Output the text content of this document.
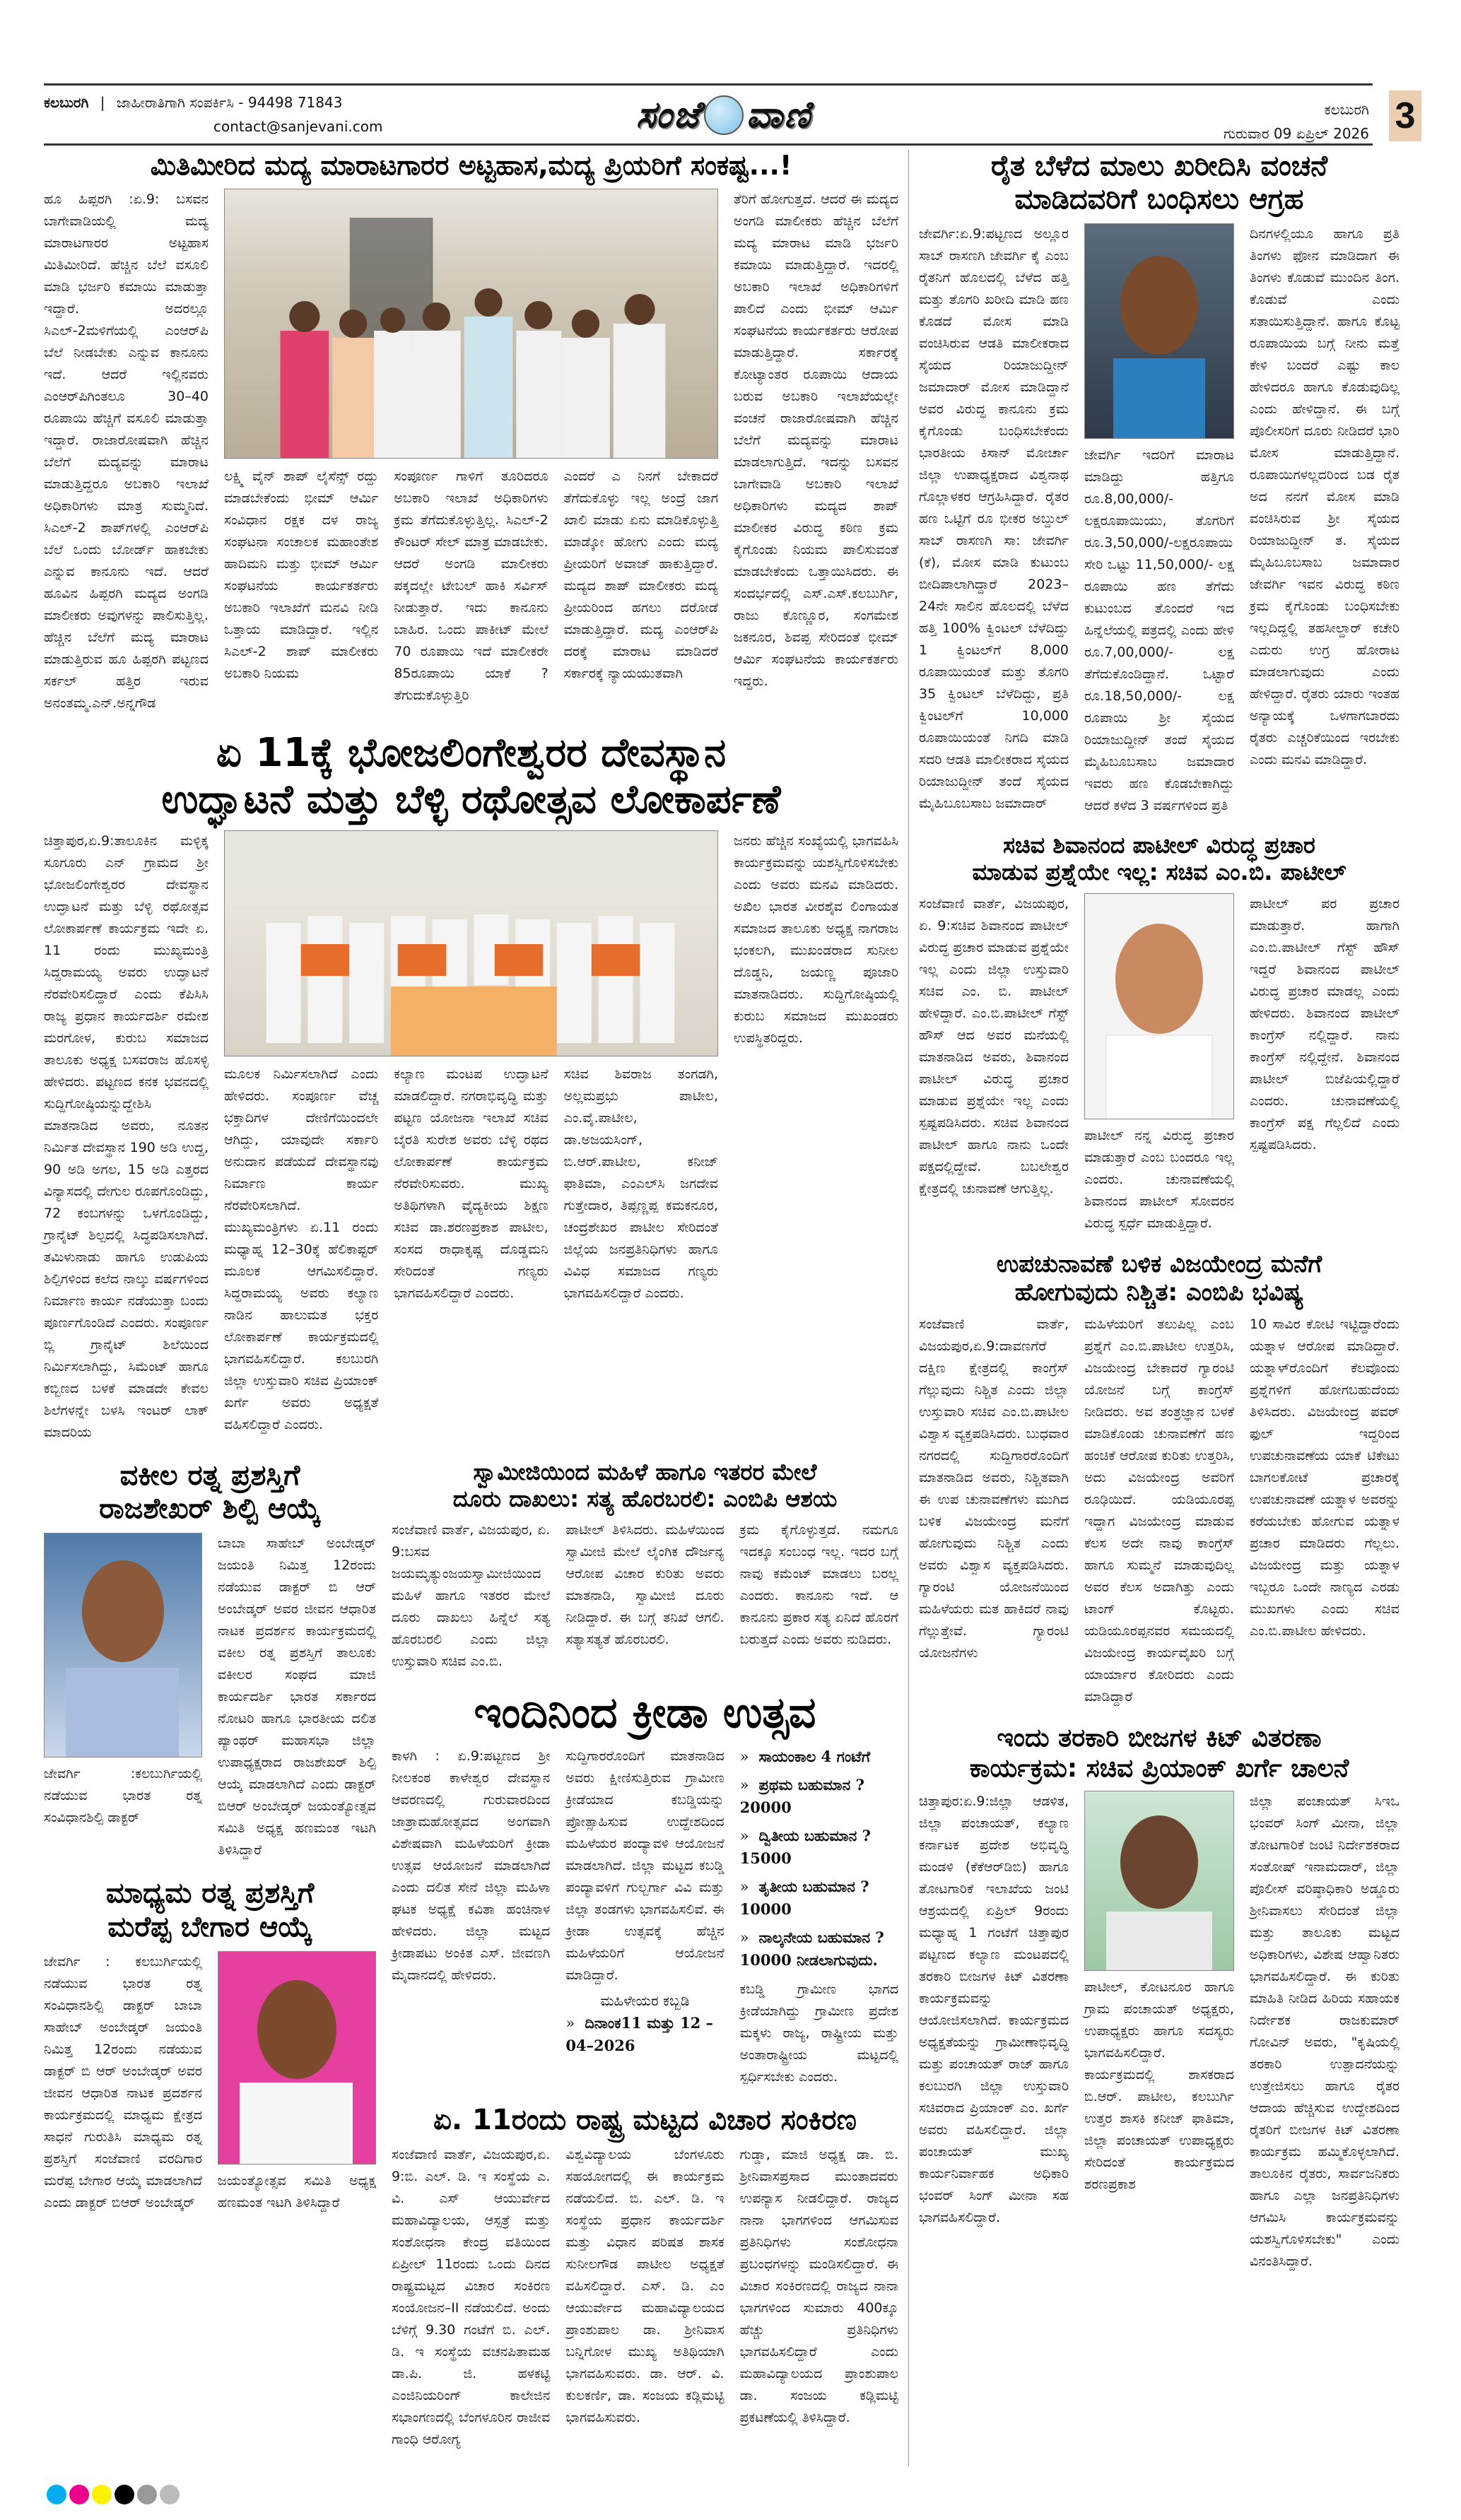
ಕಲಬುರಗಿ | ಜಾಹೀರಾತಿಗಾಗಿ ಸಂಪರ್ಕಿಸಿ - 94498 71843
contact@sanjevani.com	ಸಂಜೆ ವಾಣಿ	ಕಲಬುರಗಿ
ಗುರುವಾರ 09 ಏಪ್ರಿಲ್ 2026 3
ಮಿತಿಮೀರಿದ ಮದ್ಯ ಮಾರಾಟಗಾರರ ಅಟ್ಟಹಾಸ,ಮದ್ಯ ಪ್ರಿಯರಿಗೆ ಸಂಕಷ್ಟ...!
ಹೂ ಹಿಪ್ಪರಗಿ :ಏ.9: ಬಸವನ ಬಾಗೇವಾಡಿಯಲ್ಲಿ ಮದ್ಯ ಮಾರಾಟಗಾರರ ಅಟ್ಟಹಾಸ ಮಿತಿಮೀರಿದೆ. ಹೆಚ್ಚಿನ ಬೆಲೆ ವಸೂಲಿ ಮಾಡಿ ಭರ್ಜರಿ ಕಮಾಯಿ ಮಾಡುತ್ತಾ ಇದ್ದಾರೆ. ಅದರಲ್ಲೂ ಸಿಎಲ್-2ಮಳಿಗೆಯಲ್ಲಿ ಎಂಆರ್‌ಪಿ ಬೆಲೆ ನೀಡಬೇಕು ಎನ್ನುವ ಕಾನೂನು ಇದೆ. ಆದರೆ ಇಲ್ಲಿನವರು ಎಂಆರ್‌ಪಿಗಿಂತಲೂ 30–40 ರೂಪಾಯಿ ಹೆಚ್ಚಿಗೆ ವಸೂಲಿ ಮಾಡುತ್ತಾ ಇದ್ದಾರೆ. ರಾಜಾರೋಷವಾಗಿ ಹೆಚ್ಚಿನ ಬೆಲೆಗೆ ಮದ್ಯವನ್ನು ಮಾರಾಟ ಮಾಡುತ್ತಿದ್ದರೂ ಅಬಕಾರಿ ಇಲಾಖೆ ಅಧಿಕಾರಿಗಳು ಮಾತ್ರ ಸುಮ್ಮನಿದೆ. ಸಿಎಲ್-2 ಶಾಪ್‌ಗಳಲ್ಲಿ ಎಂಆರ್‌ಪಿ ಬೆಲೆ ಒಂದು ಬೋರ್ಡ್ ಹಾಕಬೇಕು ಎನ್ನುವ ಕಾನೂನು ಇದೆ. ಆದರೆ ಹೂವಿನ ಹಿಪ್ಪರಗಿ ಮದ್ಯದ ಅಂಗಡಿ ಮಾಲೀಕರು ಅವುಗಳನ್ನು ಪಾಲಿಸುತ್ತಿಲ್ಲ. ಹೆಚ್ಚಿನ ಬೆಲೆಗೆ ಮದ್ಯ ಮಾರಾಟ ಮಾಡುತ್ತಿರುವ ಹೂ ಹಿಪ್ಪರಗಿ ಪಟ್ಟಣದ ಸರ್ಕಲ್ ಹತ್ತಿರ ಇರುವ ಅನಂತಮ್ಮ.ಎನ್.ಅನ್ನಗೌಡ
ಲಕ್ಷ್ಮಿ ವೈನ್ ಶಾಪ್ ಲೈಸೆನ್ಸ್ ರದ್ದು ಮಾಡಬೇಕೆಂದು ಭೀಮ್ ಆರ್ಮಿ ಸಂವಿಧಾನ ರಕ್ಷಕ ದಳ ರಾಜ್ಯ ಸಂಘಟನಾ ಸಂಚಾಲಕ ಮಹಾಂತೇಶ ಹಾದಿಮನಿ ಮತ್ತು ಭೀಮ್ ಆರ್ಮಿ ಸಂಘಟನೆಯ ಕಾರ್ಯಕರ್ತರು ಅಬಕಾರಿ ಇಲಾಖೆಗೆ ಮನವಿ ನೀಡಿ ಒತ್ತಾಯ ಮಾಡಿದ್ದಾರೆ. ಇಲ್ಲಿನ ಸಿಎಲ್-2 ಶಾಪ್ ಮಾಲೀಕರು ಅಬಕಾರಿ ನಿಯಮ
ಸಂಪೂರ್ಣ ಗಾಳಿಗೆ ತೂರಿದರೂ ಅಬಕಾರಿ ಇಲಾಖೆ ಅಧಿಕಾರಿಗಳು ಕ್ರಮ ತೆಗೆದುಕೊಳ್ಳುತ್ತಿಲ್ಲ. ಸಿಎಲ್-2 ಕೌಂಟರ್ ಸೇಲ್ ಮಾತ್ರ ಮಾಡಬೇಕು. ಆದರೆ ಅಂಗಡಿ ಮಾಲೀಕರು ಪಕ್ಕದಲ್ಲೇ ಟೇಬಲ್ ಹಾಕಿ ಸರ್ವಿಸ್ ನೀಡುತ್ತಾರೆ. ಇದು ಕಾನೂನು ಬಾಹಿರ. ಒಂದು ಪಾಕೀಟ್ ಮೇಲೆ 70 ರೂಪಾಯಿ ಇದೆ ಮಾಲೀಕರೇ 85ರೂಪಾಯಿ ಯಾಕೆ ? ತೆಗುದುಕೊಳ್ಳುತ್ತಿರಿ
ಎಂದರೆ ಎ ನಿನಗೆ ಬೇಕಾದರೆ ತೆಗೆದುಕೊಳ್ಳು ಇಲ್ಲ ಅಂದ್ರೆ ಜಾಗ ಖಾಲಿ ಮಾಡು ಏನು ಮಾಡಿಕೊಳ್ಳುತ್ತಿ ಮಾಡ್ಕೋ ಹೋಗು ಎಂದು ಮದ್ಯ ಪ್ರೀಯರಿಗೆ ಅವಾಜ್ ಹಾಕುತ್ತಿದ್ದಾರೆ. ಮದ್ಯದ ಶಾಪ್ ಮಾಲೀಕರು ಮದ್ಯ ಪ್ರೀಯರಿಂದ ಹಗಲು ದರೋಡೆ ಮಾಡುತ್ತಿದ್ದಾರೆ. ಮದ್ಯ ಎಂಆರ್‌ಪಿ ದರಕ್ಕೆ ಮಾರಾಟ ಮಾಡಿದರೆ ಸರ್ಕಾರಕ್ಕೆ ನ್ಯಾಯಯುತವಾಗಿ
ತೆರಿಗೆ ಹೋಗುತ್ತದೆ. ಆದರೆ ಈ ಮದ್ಯದ ಅಂಗಡಿ ಮಾಲೀಕರು ಹೆಚ್ಚಿನ ಬೆಲೆಗೆ ಮದ್ಯ ಮಾರಾಟ ಮಾಡಿ ಭರ್ಜರಿ ಕಮಾಯಿ ಮಾಡುತ್ತಿದ್ದಾರೆ. ಇದರಲ್ಲಿ ಅಬಕಾರಿ ಇಲಾಖೆ ಅಧಿಕಾರಿಗಳಿಗೆ ಪಾಲಿದೆ ಎಂದು ಭೀಮ್ ಆರ್ಮಿ ಸಂಘಟನೆಯ ಕಾರ್ಯಕರ್ತರು ಆರೋಪ ಮಾಡುತ್ತಿದ್ದಾರೆ. ಸರ್ಕಾರಕ್ಕೆ ಕೋಟ್ಯಾಂತರ ರೂಪಾಯಿ ಆದಾಯ ಬರುವ ಅಬಕಾರಿ ಇಲಾಖೆಯಲ್ಲೇ ವಂಚನೆ ರಾಜಾರೋಷವಾಗಿ ಹೆಚ್ಚಿನ ಬೆಲೆಗೆ ಮದ್ಯವನ್ನು ಮಾರಾಟ ಮಾಡಲಾಗುತ್ತಿದೆ. ಇದನ್ನು ಬಸವನ ಬಾಗೇವಾಡಿ ಅಬಕಾರಿ ಇಲಾಖೆ ಅಧಿಕಾರಿಗಳು ಮದ್ಯದ ಶಾಪ್ ಮಾಲೀಕರ ವಿರುದ್ಧ ಕಠಿಣ ಕ್ರಮ ಕೈಗೊಂಡು ನಿಯಮ ಪಾಲಿಸುವಂತೆ ಮಾಡಬೇಕೆಂದು ಒತ್ತಾಯಿಸಿದರು. ಈ ಸಂದರ್ಭದಲ್ಲಿ ಎಸ್.ಎಸ್.ಕಲಬುರ್ಗಿ, ರಾಜು ಕೊಣ್ಣೂರ, ಸಂಗಮೇಶ ಜಕನೂರ, ಶಿವಪ್ಪ ಸೇರಿದಂತೆ ಭೀಮ್ ಆರ್ಮಿ ಸಂಘಟನೆಯ ಕಾರ್ಯಕರ್ತರು ಇದ್ದರು.
ಏ 11ಕ್ಕೆ ಭೋಜಲಿಂಗೇಶ್ವರರ ದೇವಸ್ಥಾನ
ಉದ್ಘಾಟನೆ ಮತ್ತು ಬೆಳ್ಳಿ ರಥೋತ್ಸವ ಲೋಕಾರ್ಪಣೆ
ಚಿತ್ತಾಪುರ,ಏ.9:ತಾಲೂಕಿನ ಮಳ್ಳಿಕ್ಕ ಸೂಗೂರು ಎನ್ ಗ್ರಾಮದ ಶ್ರೀ ಭೋಜಲಿಂಗೇಶ್ವರರ ದೇವಸ್ಥಾನ ಉದ್ಘಾಟನೆ ಮತ್ತು ಬೆಳ್ಳಿ ರಥೋತ್ಸವ ಲೋಕಾರ್ಪಣೆ ಕಾರ್ಯಕ್ರಮ ಇದೇ ಏ. 11 ರಂದು ಮುಖ್ಯಮಂತ್ರಿ ಸಿದ್ದರಾಮಯ್ಯ ಅವರು ಉದ್ಘಾಟನೆ ನೆರವೇರಿಸಲಿದ್ದಾರೆ ಎಂದು ಕೆಪಿಸಿಸಿ ರಾಜ್ಯ ಪ್ರಧಾನ ಕಾರ್ಯದರ್ಶಿ ರಮೇಶ ಮರಗೋಳ, ಕುರುಬ ಸಮಾಜದ ತಾಲೂಕು ಅಧ್ಯಕ್ಷ ಬಸವರಾಜ ಹೊಸಳ್ಳಿ ಹೇಳಿದರು. ಪಟ್ಟಣದ ಕನಕ ಭವನದಲ್ಲಿ ಸುದ್ದಿಗೋಷ್ಠಿಯನ್ನುದ್ದೇಶಿಸಿ ಮಾತನಾಡಿದ ಅವರು, ನೂತನ ನಿರ್ಮಿತ ದೇವಸ್ಥಾನ 190 ಅಡಿ ಉದ್ದ, 90 ಅಡಿ ಅಗಲ, 15 ಅಡಿ ಎತ್ತರದ ವಿನ್ಯಾಸದಲ್ಲಿ ದೇಗುಲ ರೂಪಗೊಂಡಿದ್ದು, 72 ಕಂಬಗಳನ್ನು ಒಳಗೊಂಡಿದ್ದು, ಗ್ರಾನೈಟ್ ಶಿಲ್ಪದಲ್ಲಿ ಸಿದ್ಧಪಡಿಸಲಾಗಿದೆ. ತಮಿಳುನಾಡು ಹಾಗೂ ಉಡುಪಿಯ ಶಿಲ್ಪಿಗಳಿಂದ ಕಲೆದ ನಾಲ್ಕು ವರ್ಷಗಳಿಂದ ನಿರ್ಮಾಣ ಕಾರ್ಯ ನಡೆಯುತ್ತಾ ಬಂದು ಪೂರ್ಣಗೊಂಡಿದೆ ಎಂದರು. ಸಂಪೂರ್ಣ ಬ್ಲಿ ಗ್ರಾನೈಟ್ ಶಿಲೆಯಿಂದ ನಿರ್ಮಿಸಲಾಗಿದ್ದು, ಸಿಮೆಂಟ್ ಹಾಗೂ ಕಬ್ಬಿಣದ ಬಳಕೆ ಮಾಡದೇ ಕೇವಲ ಶಿಲೆಗಳನ್ನೇ ಬಳಸಿ ಇಂಟರ್ ಲಾಕ್ ಮಾದರಿಯ
ಮೂಲಕ ನಿರ್ಮಿಸಲಾಗಿದೆ ಎಂದು ಹೇಳಿದರು. ಸಂಪೂರ್ಣ ವೆಚ್ಚ ಭಕ್ತಾದಿಗಳ ದೇಣಿಗೆಯಿಂದಲೇ ಆಗಿದ್ದು, ಯಾವುದೇ ಸರ್ಕಾರಿ ಅನುದಾನ ಪಡೆಯದೆ ದೇವಸ್ಥಾನವು ನಿರ್ಮಾಣ ಕಾರ್ಯ ನೆರವೇರಿಸಲಾಗಿದೆ. ಮುಖ್ಯಮಂತ್ರಿಗಳು ಏ.11 ರಂದು ಮಧ್ಯಾಹ್ನ 12–30ಕ್ಕೆ ಹೆಲಿಕಾಪ್ಟರ್ ಮೂಲಕ ಆಗಮಿಸಲಿದ್ದಾರೆ. ಸಿದ್ದರಾಮಯ್ಯ ಅವರು ಕಲ್ಯಾಣ ನಾಡಿನ ಹಾಲುಮತ ಭಕ್ತರ ಲೋಕಾರ್ಪಣೆ ಕಾರ್ಯಕ್ರಮದಲ್ಲಿ ಭಾಗವಹಿಸಲಿದ್ದಾರೆ. ಕಲಬುರಗಿ ಜಿಲ್ಲಾ ಉಸ್ತುವಾರಿ ಸಚಿವ ಪ್ರಿಯಾಂಕ್ ಖರ್ಗೆ ಅವರು ಅಧ್ಯಕ್ಷತೆ ವಹಿಸಲಿದ್ದಾರೆ ಎಂದರು.
ಕಲ್ಯಾಣ ಮಂಟಪ ಉದ್ಘಾಟನೆ ಮಾಡಲಿದ್ದಾರೆ. ನಗರಾಭಿವೃದ್ಧಿ ಮತ್ತು ಪಟ್ಟಣ ಯೋಜನಾ ಇಲಾಖೆ ಸಚಿವ ಬೈರತಿ ಸುರೇಶ ಅವರು ಬೆಳ್ಳಿ ರಥದ ಲೋಕಾರ್ಪಣೆ ಕಾರ್ಯಕ್ರಮ ನೆರವೇರಿಸುವರು. ಮುಖ್ಯ ಅತಿಥಿಗಳಾಗಿ ವೈದ್ಯಕೀಯ ಶಿಕ್ಷಣ ಸಚಿವ ಡಾ.ಶರಣಪ್ರಕಾಶ ಪಾಟೀಲ, ಸಂಸದ ರಾಧಾಕೃಷ್ಣ ದೊಡ್ಡಮನಿ ಸೇರಿದಂತೆ ಗಣ್ಯರು ಭಾಗವಹಿಸಲಿದ್ದಾರೆ ಎಂದರು.
ಸಚಿವ ಶಿವರಾಜ ತಂಗಡಗಿ, ಅಲ್ಲಮಪ್ರಭು ಪಾಟೀಲ, ಎಂ.ವೈ.ಪಾಟೀಲ, ಡಾ.ಅಜಯಸಿಂಗ್, ಬಿ.ಆರ್.ಪಾಟೀಲ, ಕನೀಜ್ ಫಾತಿಮಾ, ಎಂಎಲ್‌ಸಿ ಜಗದೇವ ಗುತ್ತೇದಾರ, ತಿಪ್ಪಣ್ಣಪ್ಪ ಕಮಕನೂರ, ಚಂದ್ರಶೇಖರ ಪಾಟೀಲ ಸೇರಿದಂತೆ ಜಿಲ್ಲೆಯ ಜನಪ್ರತಿನಿಧಿಗಳು ಹಾಗೂ ವಿವಿಧ ಸಮಾಜದ ಗಣ್ಯರು ಭಾಗವಹಿಸಲಿದ್ದಾರೆ ಎಂದರು.
ಜನರು ಹೆಚ್ಚಿನ ಸಂಖ್ಯೆಯಲ್ಲಿ ಭಾಗವಹಿಸಿ ಕಾರ್ಯಕ್ರಮವನ್ನು ಯಶಸ್ವಿಗೊಳಿಸಬೇಕು ಎಂದು ಅವರು ಮನವಿ ಮಾಡಿದರು. ಅಖಿಲ ಭಾರತ ವೀರಶೈವ ಲಿಂಗಾಯತ ಸಮಾಜದ ತಾಲೂಕು ಅಧ್ಯಕ್ಷ ನಾಗರಾಜ ಭಂಕಲಗಿ, ಮುಖಂಡರಾದ ಸುನೀಲ ದೊಡ್ಡನಿ, ಜಯಣ್ಣ ಪೂಜಾರಿ ಮಾತನಾಡಿದರು. ಸುದ್ದಿಗೋಷ್ಠಿಯಲ್ಲಿ ಕುರುಬ ಸಮಾಜದ ಮುಖಂಡರು ಉಪಸ್ಥಿತರಿದ್ದರು.
ವಕೀಲ ರತ್ನ ಪ್ರಶಸ್ತಿಗೆ
ರಾಜಶೇಖರ್ ಶಿಲ್ಪಿ ಆಯ್ಕೆ
ಜೇವರ್ಗಿ :ಕಲಬುರ್ಗಿಯಲ್ಲಿ ನಡೆಯುವ ಭಾರತ ರತ್ನ ಸಂವಿಧಾನಶಿಲ್ಪಿ ಡಾಕ್ಟರ್
ಬಾಬಾ ಸಾಹೇಬ್ ಅಂಬೇಡ್ಕರ್ ಜಯಂತಿ ನಿಮಿತ್ತ 12ರಂದು ನಡೆಯುವ ಡಾಕ್ಟರ್ ಬಿ ಆರ್ ಅಂಬೇಡ್ಕರ್ ಅವರ ಜೀವನ ಆಧಾರಿತ ನಾಟಕ ಪ್ರದರ್ಶನ ಕಾರ್ಯಕ್ರಮದಲ್ಲಿ ವಕೀಲ ರತ್ನ ಪ್ರಶಸ್ತಿಗೆ ತಾಲೂಕು ವಕೀಲರ ಸಂಘದ ಮಾಜಿ ಕಾರ್ಯದರ್ಶಿ ಭಾರತ ಸರ್ಕಾರದ ನೋಟರಿ ಹಾಗೂ ಭಾರತೀಯ ದಲಿತ ಪ್ಯಾಂಥರ್ ಮಹಾಸಭಾ ಜಿಲ್ಲಾ ಉಪಾಧ್ಯಕ್ಷರಾದ ರಾಜಶೇಖರ್ ಶಿಲ್ಪಿ ಆಯ್ಕೆ ಮಾಡಲಾಗಿದೆ ಎಂದು ಡಾಕ್ಟರ್ ಬಿಆರ್ ಅಂಬೇಡ್ಕರ್ ಜಯಂತ್ಯೋತ್ಸವ ಸಮಿತಿ ಅಧ್ಯಕ್ಷ ಹಣಮಂತ ಇಟಗಿ ತಿಳಿಸಿದ್ದಾರೆ
ಮಾಧ್ಯಮ ರತ್ನ ಪ್ರಶಸ್ತಿಗೆ
ಮರೆಪ್ಪ ಬೇಗಾರ ಆಯ್ಕೆ
ಜೇವರ್ಗಿ : ಕಲಬುರ್ಗಿಯಲ್ಲಿ ನಡೆಯುವ ಭಾರತ ರತ್ನ ಸಂವಿಧಾನಶಿಲ್ಪಿ ಡಾಕ್ಟರ್ ಬಾಬಾ ಸಾಹೇಬ್ ಅಂಬೇಡ್ಕರ್ ಜಯಂತಿ ನಿಮಿತ್ತ 12ರಂದು ನಡೆಯುವ ಡಾಕ್ಟರ್ ಬಿ ಆರ್ ಅಂಬೇಡ್ಕರ್ ಅವರ ಜೀವನ ಆಧಾರಿತ ನಾಟಕ ಪ್ರದರ್ಶನ ಕಾರ್ಯಕ್ರಮದಲ್ಲಿ ಮಾಧ್ಯಮ ಕ್ಷೇತ್ರದ ಸಾಧನೆ ಗುರುತಿಸಿ ಮಾಧ್ಯಮ ರತ್ನ ಪ್ರಶಸ್ತಿಗೆ ಸಂಜೆವಾಣಿ ವರದಿಗಾರ ಮರೆಪ್ಪ ಬೇಗಾರ ಆಯ್ಕೆ ಮಾಡಲಾಗಿದೆ ಎಂದು ಡಾಕ್ಟರ್ ಬಿಆರ್ ಅಂಬೇಡ್ಕರ್
ಜಯಂತ್ಯೋತ್ಸವ ಸಮಿತಿ ಅಧ್ಯಕ್ಷ ಹಣಮಂತ ಇಟಗಿ ತಿಳಿಸಿದ್ದಾರೆ
ಸ್ವಾಮೀಜಿಯಿಂದ ಮಹಿಳೆ ಹಾಗೂ ಇತರರ ಮೇಲೆ
ದೂರು ದಾಖಲು: ಸತ್ಯ ಹೊರಬರಲಿ: ಎಂಬಿಪಿ ಆಶಯ
ಸಂಜೆವಾಣಿ ವಾರ್ತೆ, ವಿಜಯಪುರ, ಏ. 9:ಬಸವ ಜಯಮೃತ್ಯುಂಜಯಸ್ವಾಮೀಜಿಯಿಂದ ಮಹಿಳೆ ಹಾಗೂ ಇತರರ ಮೇಲೆ ದೂರು ದಾಖಲು ಹಿನ್ನೆಲೆ ಸತ್ಯ ಹೊರಬರಲಿ ಎಂದು ಜಿಲ್ಲಾ ಉಸ್ತುವಾರಿ ಸಚಿವ ಎಂ.ಬಿ.
ಪಾಟೀಲ್ ತಿಳಿಸಿದರು. ಮಹಿಳೆಯಿಂದ ಸ್ವಾಮೀಜಿ ಮೇಲೆ ಲೈಂಗಿಕ ದೌರ್ಜನ್ಯ ಆರೋಪ ವಿಚಾರ ಕುರಿತು ಅವರು ಮಾತನಾಡಿ, ಸ್ವಾಮೀಜಿ ದೂರು ನೀಡಿದ್ದಾರೆ. ಈ ಬಗ್ಗೆ ತನಿಖೆ ಆಗಲಿ. ಸತ್ಯಾಸತ್ಯತೆ ಹೊರಬರಲಿ.
ಕ್ರಮ ಕೈಗೊಳ್ಳುತ್ತದೆ. ನಮಗೂ ಇದಕ್ಕೂ ಸಂಬಂಧ ಇಲ್ಲ. ಇದರ ಬಗ್ಗೆ ನಾವು ಕಮೆಂಟ್ ಮಾಡಲು ಬರಲ್ಲ ಎಂದರು. ಕಾನೂನು ಇದೆ. ಆ ಕಾನೂನು ಪ್ರಕಾರ ಸತ್ಯ ಏನಿದೆ ಹೊರಗೆ ಬರುತ್ತದೆ ಎಂದು ಅವರು ನುಡಿದರು.
ಇಂದಿನಿಂದ ಕ್ರೀಡಾ ಉತ್ಸವ
ಕಾಳಗಿ : ಏ.9:ಪಟ್ಟಣದ ಶ್ರೀ ನೀಲಕಂಠ ಕಾಳೇಶ್ವರ ದೇವಸ್ಥಾನ ಆವರಣದಲ್ಲಿ ಗುರುವಾರದಿಂದ ಜಾತ್ರಾಮಹೋತ್ಸವದ ಅಂಗವಾಗಿ ವಿಶೇಷವಾಗಿ ಮಹಿಳೆಯರಿಗೆ ಕ್ರೀಡಾ ಉತ್ಸವ ಆಯೋಜನೆ ಮಾಡಲಾಗಿದೆ ಎಂದು ದಲಿತ ಸೇನೆ ಜಿಲ್ಲಾ ಮಹಿಳಾ ಘಟಕ ಅಧ್ಯಕ್ಷೆ ಕವಿತಾ ಹಂಚಿನಾಳ ಹೇಳಿದರು. ಜಿಲ್ಲಾ ಮಟ್ಟದ ಕ್ರೀಡಾಪಟು ಅಂಕಿತ ಎಸ್. ಜೀವಣಗಿ ಮೈದಾನದಲ್ಲಿ ಹೇಳಿದರು.
ಸುದ್ದಿಗಾರರೊಂದಿಗೆ ಮಾತನಾಡಿದ ಅವರು ಕ್ಷೀಣಿಸುತ್ತಿರುವ ಗ್ರಾಮೀಣ ಕ್ರೀಡೆಯಾದ ಕಬಡ್ಡಿಯನ್ನು ಪ್ರೋತ್ಸಾಹಿಸುವ ಉದ್ದೇಶದಿಂದ ಮಹಿಳೆಯರ ಪಂದ್ಯಾವಳಿ ಆಯೋಜನೆ ಮಾಡಲಾಗಿದೆ. ಜಿಲ್ಲಾ ಮಟ್ಟದ ಕಬಡ್ಡಿ ಪಂದ್ಯಾವಳಿಗೆ ಗುಲ್ಬರ್ಗಾ ವಿವಿ ಮತ್ತು ಜಿಲ್ಲಾ ತಂಡಗಳು ಭಾಗವಹಿಸಲಿವೆ. ಈ ಕ್ರೀಡಾ ಉತ್ಸವಕ್ಕೆ ಹೆಚ್ಚಿನ ಮಹಿಳೆಯರಿಗೆ ಆಯೋಜನೆ ಮಾಡಿದ್ದಾರೆ.
ಮಹಿಳೇಯರ ಕಬ್ಬಡಿ
» ದಿನಾಂಕ11 ಮತ್ತು 12 –04–2026
» ಸಾಯಂಕಾಲ 4 ಗಂಟೆಗೆ
» ಪ್ರಥಮ ಬಹುಮಾನ ? 20000
» ದ್ವಿತೀಯ ಬಹುಮಾನ ? 15000
» ತೃತೀಯ ಬಹುಮಾನ ? 10000
» ನಾಲ್ಕನೇಯ ಬಹುಮಾನ ?10000 ನೀಡಲಾಗುವುದು.
ಕಬಡ್ಡಿ ಗ್ರಾಮೀಣ ಭಾಗದ ಕ್ರೀಡೆಯಾಗಿದ್ದು ಗ್ರಾಮೀಣ ಪ್ರದೇಶ ಮಕ್ಕಳು ರಾಜ್ಯ, ರಾಷ್ಟ್ರೀಯ ಮತ್ತು ಅಂತಾರಾಷ್ಟ್ರೀಯ ಮಟ್ಟದಲ್ಲಿ ಸ್ಪರ್ಧಿಸಬೇಕು ಎಂದರು.
ಏ. 11ರಂದು ರಾಷ್ಟ್ರ ಮಟ್ಟದ ವಿಚಾರ ಸಂಕಿರಣ
ಸಂಜೆವಾಣಿ ವಾರ್ತೆ, ವಿಜಯಪುರ,ಏ. 9:ಬಿ. ಎಲ್. ಡಿ. ಇ ಸಂಸ್ಥೆಯ ಎ. ವಿ. ಎಸ್ ಆಯುರ್ವೇದ ಮಹಾವಿದ್ಯಾಲಯ, ಆಸ್ಪತ್ರೆ ಮತ್ತು ಸಂಶೋಧನಾ ಕೇಂದ್ರ ವತಿಯಿಂದ ಏಪ್ರೀಲ್ 11ರಂದು ಒಂದು ದಿನದ ರಾಷ್ಟ್ರಮಟ್ಟದ ವಿಚಾರ ಸಂಕಿರಣ ಸಂಯೋಜನ–II ನಡೆಯಲಿದೆ. ಅಂದು ಬೆಳಿಗ್ಗೆ 9.30 ಗಂಟೆಗೆ ಬಿ. ಎಲ್. ಡಿ. ಇ ಸಂಸ್ಥೆಯ ವಚನಪಿತಾಮಹ ಡಾ.ಪಿ. ಜಿ. ಹಳಕಟ್ಟಿ ಎಂಜಿನಿಯರಿಂಗ್ ಕಾಲೇಜಿನ ಸಭಾಂಗಣದಲ್ಲಿ ಬೆಂಗಳೂರಿನ ರಾಜೀವ ಗಾಂಧಿ ಆರೋಗ್ಯ
ವಿಶ್ವವಿದ್ಯಾಲಯ ಬೆಂಗಳೂರು ಸಹಯೋಗದಲ್ಲಿ ಈ ಕಾರ್ಯಕ್ರಮ ನಡೆಯಲಿದೆ. ಬಿ. ಎಲ್. ಡಿ. ಇ ಸಂಸ್ಥೆಯ ಪ್ರಧಾನ ಕಾರ್ಯದರ್ಶಿ ಮತ್ತು ವಿಧಾನ ಪರಿಷತ ಶಾಸಕ ಸುನೀಲಗೌಡ ಪಾಟೀಲ ಅಧ್ಯಕ್ಷತೆ ವಹಿಸಲಿದ್ದಾರೆ. ಎಸ್. ಡಿ. ಎಂ ಆಯುರ್ವೇದ ಮಹಾವಿದ್ಯಾಲಯದ ಪ್ರಾಂಶುಪಾಲ ಡಾ. ಶ್ರೀನಿವಾಸ ಬನ್ನಿಗೋಳ ಮುಖ್ಯ ಅತಿಥಿಯಾಗಿ ಭಾಗವಹಿಸುವರು. ಡಾ. ಆರ್. ವಿ. ಕುಲಕರ್ಣಿ, ಡಾ. ಸಂಜಯ ಕಡ್ಲಿಮಟ್ಟಿ ಭಾಗವಹಿಸುವರು.
ಗುಡ್ಡಾ, ಮಾಜಿ ಅಧ್ಯಕ್ಷ ಡಾ. ಬಿ. ಶ್ರೀನಿವಾಸಪ್ರಸಾದ ಮುಂತಾದವರು ಉಪನ್ಯಾಸ ನೀಡಲಿದ್ದಾರೆ. ರಾಜ್ಯದ ನಾನಾ ಭಾಗಗಳಿಂದ ಆಗಮಿಸುವ ಪ್ರತಿನಿಧಿಗಳು ಸಂಶೋಧನಾ ಪ್ರಬಂಧಗಳನ್ನು ಮಂಡಿಸಲಿದ್ದಾರೆ. ಈ ವಿಚಾರ ಸಂಕಿರಣದಲ್ಲಿ ರಾಜ್ಯದ ನಾನಾ ಭಾಗಗಳಿಂದ ಸುಮಾರು 400ಕ್ಕೂ ಹೆಚ್ಚು ಪ್ರತಿನಿಧಿಗಳು ಭಾಗವಹಿಸಲಿದ್ದಾರೆ ಎಂದು ಮಹಾವಿದ್ಯಾಲಯದ ಪ್ರಾಂಶುಪಾಲ ಡಾ. ಸಂಜಯ ಕಡ್ಲಿಮಟ್ಟಿ ಪ್ರಕಟಣೆಯಲ್ಲಿ ತಿಳಿಸಿದ್ದಾರೆ.
ರೈತ ಬೆಳೆದ ಮಾಲು ಖರೀದಿಸಿ ವಂಚನೆ
ಮಾಡಿದವರಿಗೆ ಬಂಧಿಸಲು ಆಗ್ರಹ
ಜೇವರ್ಗಿ:ಏ.9:ಪಟ್ಟಣದ ಅಲ್ಲೂರ ಸಾಬ್ ರಾಸಣಗಿ ಜೇವರ್ಗಿ ಕೈ ಎಂಬ ರೈತನಿಗೆ ಹೊಲದಲ್ಲಿ ಬೆಳೆದ ಹತ್ತಿ ಮತ್ತು ತೊಗರಿ ಖರೀದಿ ಮಾಡಿ ಹಣ ಕೊಡದೆ ಮೋಸ ಮಾಡಿ ವಂಚಿಸಿರುವ ಆಡತಿ ಮಾಲೀಕರಾದ ಸೈಯದ ರಿಯಾಜುದ್ದೀನ್ ಜಮಾದಾರ್ ಮೋಸ ಮಾಡಿದ್ದಾನೆ ಅವರ ವಿರುದ್ಧ ಕಾನೂನು ಕ್ರಮ ಕೈಗೊಂಡು ಬಂಧಿಸಬೇಕೆಂದು ಭಾರತೀಯ ಕಿಸಾನ್ ಮೋರ್ಚಾ ಜಿಲ್ಲಾ ಉಪಾಧ್ಯಕ್ಷರಾದ ವಿಶ್ವನಾಥ ಗೊಲ್ಲಾಳಕರ ಆಗ್ರಹಿಸಿದ್ದಾರೆ. ರೈತರ ಹಣ ಒಟ್ಟಿಗೆ ರೂ ಭೀಕರ ಅಬ್ದುಲ್ ಸಾಬ್ ರಾಸಣಗಿ ಸಾ: ಜೇವರ್ಗಿ (ಕೆ), ಮೋಸ ಮಾಡಿ ಕುಟುಂಬ ಬೀದಿಪಾಲಾಗಿದ್ದಾರೆ 2023–24ನೇ ಸಾಲಿನ ಹೊಲದಲ್ಲಿ ಬೆಳೆದ ಹತ್ತಿ 100% ಕ್ವಿಂಟಲ್ ಬೆಳೆದಿದ್ದು 1 ಕ್ವಿಂಟಲ್‌ಗೆ 8,000 ರೂಪಾಯಿಯಂತೆ ಮತ್ತು ತೊಗರಿ 35 ಕ್ವಿಂಟಲ್ ಬೆಳೆದಿದ್ದು, ಪ್ರತಿ ಕ್ವಿಂಟಲ್‌ಗೆ 10,000 ರೂಪಾಯಿಯಂತೆ ನಿಗದಿ ಮಾಡಿ ಸದರಿ ಆಡತಿ ಮಾಲೀಕರಾದ ಸೈಯದ ರಿಯಾಜುದ್ದೀನ್ ತಂದೆ ಸೈಯದ ಮೈಹಿಬೂಬಸಾಬ ಜಮಾದಾರ್
ಜೇವರ್ಗಿ ಇದರಿಗೆ ಮಾರಾಟ ಮಾಡಿದ್ದು ಹತ್ತಿಗೂ ರೂ.8,00,000/- ಲಕ್ಷರೂಪಾಯಿಯು, ತೊಗರಿಗೆ ರೂ.3,50,000/-ಲಕ್ಷರೂಪಾಯಿ ಸೇರಿ ಒಟ್ಟು 11,50,000/- ಲಕ್ಷ ರೂಪಾಯಿ ಹಣ ತೆಗೆದು ಕುಟುಂಬದ ತೊಂದರೆ ಇದ ಹಿನ್ನೆಲೆಯಲ್ಲಿ ಪತ್ರದಲ್ಲಿ ಎಂದು ಹೇಳಿ ರೂ.7,00,000/- ಲಕ್ಷ ತೆಗೆದುಕೊಂಡಿದ್ದಾನೆ. ಒಟ್ಟಾರೆ ರೂ.18,50,000/- ಲಕ್ಷ ರೂಪಾಯಿ ಶ್ರೀ ಸೈಯದ ರಿಯಾಜುದ್ದೀನ್ ತಂದೆ ಸೈಯದ ಮೈಹಿಬೂಬಸಾಬ ಜಮಾದಾರ ಇವರು ಹಣ ಕೊಡಬೇಕಾಗಿದ್ದು ಆದರೆ ಕಳೆದ 3 ವರ್ಷಗಳಿಂದ ಪ್ರತಿ
ದಿನಗಳಲ್ಲಿಯೂ ಹಾಗೂ ಪ್ರತಿ ತಿಂಗಳು ಫೋನ ಮಾಡಿದಾಗ ಈ ತಿಂಗಳು ಕೊಡುವೆ ಮುಂದಿನ ತಿಂಗ. ಕೊಡುವೆ ಎಂದು ಸತಾಯಿಸುತ್ತಿದ್ದಾನೆ. ಹಾಗೂ ಕೊಟ್ಟ ರೂಪಾಯಿಯ ಬಗ್ಗೆ ನೀನು ಮತ್ತೆ ಕೇಳಿ ಬಂದರೆ ಎಷ್ಟು ಕಾಲ ಹೇಳಿದರೂ ಹಾಗೂ ಕೊಡುವುದಿಲ್ಲ ಎಂದು ಹೇಳಿದ್ದಾನೆ. ಈ ಬಗ್ಗೆ ಪೊಲೀಸರಿಗೆ ದೂರು ನೀಡಿದರೆ ಭಾರಿ ಮೋಸ ಮಾಡುತ್ತಿದ್ದಾನೆ. ರೂಪಾಯಿಗಳಲ್ಲದರಿಂದ ಬಡ ರೈತ ಅದ ನನಗೆ ಮೋಸ ಮಾಡಿ ವಂಚಿಸಿರುವ ಶ್ರೀ ಸೈಯದ ರಿಯಾಜುದ್ದೀನ್ ತ. ಸೈಯದ ಮೈಹಿಬೂಬಸಾಬ ಜಮಾದಾರ ಜೇವರ್ಗಿ ಇವನ ವಿರುದ್ಧ ಕಠಿಣ ಕ್ರಮ ಕೈಗೊಂಡು ಬಂಧಿಸಬೇಕು ಇಲ್ಲದಿದ್ದಲ್ಲಿ ತಹಸೀಲ್ದಾರ್ ಕಚೇರಿ ಎದುರು ಉಗ್ರ ಹೋರಾಟ ಮಾಡಲಾಗುವುದು ಎಂದು ಹೇಳಿದ್ದಾರೆ. ರೈತರು ಯಾರು ಇಂತಹ ಅನ್ಯಾಯಕ್ಕೆ ಒಳಗಾಗಬಾರದು ರೈತರು ಎಚ್ಚರಿಕೆಯಿಂದ ಇರಬೇಕು ಎಂದು ಮನವಿ ಮಾಡಿದ್ದಾರೆ.
ಸಚಿವ ಶಿವಾನಂದ ಪಾಟೀಲ್ ವಿರುದ್ಧ ಪ್ರಚಾರ
ಮಾಡುವ ಪ್ರಶ್ನೆಯೇ ಇಲ್ಲ: ಸಚಿವ ಎಂ.ಬಿ. ಪಾಟೀಲ್
ಸಂಜೆವಾಣಿ ವಾರ್ತೆ, ವಿಜಯಪುರ, ಏ. 9:ಸಚಿವ ಶಿವಾನಂದ ಪಾಟೀಲ್ ವಿರುದ್ಧ ಪ್ರಚಾರ ಮಾಡುವ ಪ್ರಶ್ನೆಯೇ ಇಲ್ಲ ಎಂದು ಜಿಲ್ಲಾ ಉಸ್ತುವಾರಿ ಸಚಿವ ಎಂ. ಬಿ. ಪಾಟೀಲ್ ಹೇಳಿದ್ದಾರೆ. ಎಂ.ಬಿ.ಪಾಟೀಲ್ ಗೆಸ್ಟ್ ಹೌಸ್ ಆದ ಅವರ ಮನೆಯಲ್ಲಿ ಮಾತನಾಡಿದ ಅವರು, ಶಿವಾನಂದ ಪಾಟೀಲ್ ವಿರುದ್ಧ ಪ್ರಚಾರ ಮಾಡುವ ಪ್ರಶ್ನೆಯೇ ಇಲ್ಲ ಎಂದು ಸ್ಪಷ್ಟಪಡಿಸಿದರು. ಸಚಿವ ಶಿವಾನಂದ ಪಾಟೀಲ್ ಹಾಗೂ ನಾನು ಒಂದೇ ಪಕ್ಷದಲ್ಲಿದ್ದೇವೆ. ಬಬಲೇಶ್ವರ ಕ್ಷೇತ್ರದಲ್ಲಿ ಚುನಾವಣೆ ಆಗುತ್ತಿಲ್ಲ.
ಪಾಟೀಲ್ ನನ್ನ ವಿರುದ್ಧ ಪ್ರಚಾರ ಮಾಡುತ್ತಾರೆ ಎಂಬ ಬಂದರೂ ಇಲ್ಲ ಎಂದರು. ಚುನಾವಣೆಯಲ್ಲಿ ಶಿವಾನಂದ ಪಾಟೀಲ್ ಸೋದರನ ವಿರುದ್ಧ ಸ್ಪರ್ಧೆ ಮಾಡುತ್ತಿದ್ದಾರೆ.
ಪಾಟೀಲ್ ಪರ ಪ್ರಚಾರ ಮಾಡುತ್ತಾರೆ. ಹಾಗಾಗಿ ಎಂ.ಬಿ.ಪಾಟೀಲ್ ಗೆಸ್ಟ್ ಹೌಸ್ ಇದ್ದರೆ ಶಿವಾನಂದ ಪಾಟೀಲ್ ವಿರುದ್ಧ ಪ್ರಚಾರ ಮಾಡಲ್ಲ ಎಂದು ಹೇಳಿದರು. ಶಿವಾನಂದ ಪಾಟೀಲ್ ಕಾಂಗ್ರೆಸ್ ನಲ್ಲಿದ್ದಾರೆ. ನಾನು ಕಾಂಗ್ರೆಸ್ ನಲ್ಲಿದ್ದೇನೆ. ಶಿವಾನಂದ ಪಾಟೀಲ್ ಬಿಜೆಪಿಯಲ್ಲಿದ್ದಾರೆ ಎಂದರು. ಚುನಾವಣೆಯಲ್ಲಿ ಕಾಂಗ್ರೆಸ್ ಪಕ್ಷ ಗೆಲ್ಲಲಿದೆ ಎಂದು ಸ್ಪಷ್ಟಪಡಿಸಿದರು.
ಉಪಚುನಾವಣೆ ಬಳಿಕ ವಿಜಯೇಂದ್ರ ಮನೆಗೆ
ಹೋಗುವುದು ನಿಶ್ಚಿತ: ಎಂಬಿಪಿ ಭವಿಷ್ಯ
ಸಂಜೆವಾಣಿ ವಾರ್ತೆ, ವಿಜಯಪುರ,ಏ.9:ದಾವಣಗೆರೆ ದಕ್ಷಿಣ ಕ್ಷೇತ್ರದಲ್ಲಿ ಕಾಂಗ್ರೆಸ್ ಗೆಲ್ಲುವುದು ನಿಶ್ಚಿತ ಎಂದು ಜಿಲ್ಲಾ ಉಸ್ತುವಾರಿ ಸಚಿವ ಎಂ.ಬಿ.ಪಾಟೀಲ ವಿಶ್ವಾಸ ವ್ಯಕ್ತಪಡಿಸಿದರು. ಬುಧವಾರ ನಗರದಲ್ಲಿ ಸುದ್ದಿಗಾರರೊಂದಿಗೆ ಮಾತನಾಡಿದ ಅವರು, ನಿಶ್ಚಿತವಾಗಿ ಈ ಉಪ ಚುನಾವಣೆಗಳು ಮುಗಿದ ಬಳಿಕ ವಿಜಯೇಂದ್ರ ಮನೆಗೆ ಹೋಗುವುದು ನಿಶ್ಚಿತ ಎಂದು ಅವರು ವಿಶ್ವಾಸ ವ್ಯಕ್ತಪಡಿಸಿದರು. ಗ್ಯಾರಂಟಿ ಯೋಜನೆಯಿಂದ ಮಹಿಳೆಯರು ಮತ ಹಾಕಿದರೆ ನಾವು ಗೆಲ್ಲುತ್ತೇವೆ. ಗ್ಯಾರಂಟಿ ಯೋಜನೆಗಳು
ಮಹಿಳೆಯರಿಗೆ ತಲುಪಿಲ್ಲ ಎಂಬ ಪ್ರಶ್ನೆಗೆ ಎಂ.ಬಿ.ಪಾಟೀಲ ಉತ್ತರಿಸಿ, ವಿಜಯೇಂದ್ರ ಬೇಕಾದರೆ ಗ್ಯಾರಂಟಿ ಯೋಜನೆ ಬಗ್ಗೆ ಕಾಂಗ್ರೆಸ್ ನೀಡಿದರು. ಅವ ತಂತ್ರಜ್ಞಾನ ಬಳಕೆ ಮಾಡಿಕೊಂಡು ಚುನಾವಣೆಗೆ ಹಣ ಹಂಚಿಕೆ ಆರೋಪ ಕುರಿತು ಉತ್ತರಿಸಿ, ಅದು ವಿಜಯೇಂದ್ರ ಅವರಿಗೆ ರೂಢಿಯಿದೆ. ಯಡಿಯೂರಪ್ಪ ಇದ್ದಾಗ ವಿಜಯೇಂದ್ರ ಮಾಡುವ ಕೆಲಸ ಅದೇ ನಾವು ಕಾಂಗ್ರೆಸ್ ಹಾಗೂ ಸುಮ್ಮನೆ ಮಾಡುವುದಿಲ್ಲ ಅವರ ಕೆಲಸ ಅದಾಗಿತ್ತು ಎಂದು ಟಾಂಗ್ ಕೊಟ್ಟರು. ಯಡಿಯೂರಪ್ಪನವರ ಸಮಯದಲ್ಲಿ ವಿಜಯೇಂದ್ರ ಕಾರ್ಯವೈಖರಿ ಬಗ್ಗೆ ಯಾರ್ಯಾರ ಕೋರಿದರು ಎಂದು ಮಾಡಿದ್ದಾರೆ
10 ಸಾವಿರ ಕೋಟಿ ಇಟ್ಟಿದ್ದಾರೆಂದು ಯತ್ನಾಳ ಆರೋಪ ಮಾಡಿದ್ದಾರೆ. ಯತ್ನಾಳ್‌ರೊಂದಿಗೆ ಕೆಲವೊಂದು ಪ್ರಶ್ನೆಗಳಿಗೆ ಹೋಗಬಹುದೆಂದು ತಿಳಿಸಿದರು. ವಿಜಯೇಂದ್ರ ಪವರ್ ಫುಲ್ ಇದ್ದರಿಂದ ಉಪಚುನಾವಣೆಯ ಯಾಕೆ ಟಿಕೇಟು ಬಾಗಲಕೋಟೆ ಪ್ರಚಾರಕ್ಕೆ ಉಪಚುನಾವಣೆ ಯತ್ನಾಳ ಅವರನ್ನು ಕರೆಯಬೇಕು ಹೋಗುವ ಯತ್ನಾಳ ಪ್ರಚಾರ ಮಾಡಿದರು ಗೆಲ್ಲಲು. ವಿಜಯೇಂದ್ರ ಮತ್ತು ಯತ್ನಾಳ ಇಬ್ಬರೂ ಒಂದೇ ನಾಣ್ಯದ ಎರಡು ಮುಖಗಳು ಎಂದು ಸಚಿವ ಎಂ.ಬಿ.ಪಾಟೀಲ ಹೇಳಿದರು.
ಇಂದು ತರಕಾರಿ ಬೀಜಗಳ ಕಿಟ್ ವಿತರಣಾ
ಕಾರ್ಯಕ್ರಮ: ಸಚಿವ ಪ್ರಿಯಾಂಕ್ ಖರ್ಗೆ ಚಾಲನೆ
ಚಿತ್ತಾಪುರ:ಏ.9:ಜಿಲ್ಲಾ ಆಡಳಿತ, ಜಿಲ್ಲಾ ಪಂಚಾಯತ್, ಕಲ್ಯಾಣ ಕರ್ನಾಟಕ ಪ್ರದೇಶ ಅಭಿವೃದ್ಧಿ ಮಂಡಳಿ (ಕೆಕೆಆರ್‌ಡಿಬಿ) ಹಾಗೂ ತೋಟಗಾರಿಕೆ ಇಲಾಖೆಯ ಜಂಟಿ ಆಶ್ರಯದಲ್ಲಿ ಏಪ್ರಿಲ್ 9ರಂದು ಮಧ್ಯಾಹ್ನ 1 ಗಂಟೆಗೆ ಚಿತ್ತಾಪುರ ಪಟ್ಟಣದ ಕಲ್ಯಾಣ ಮಂಟಪದಲ್ಲಿ ತರಕಾರಿ ಬೀಜಗಳ ಕಿಟ್ ವಿತರಣಾ ಕಾರ್ಯಕ್ರಮವನ್ನು ಆಯೋಜಿಸಲಾಗಿದೆ. ಕಾರ್ಯಕ್ರಮದ ಅಧ್ಯಕ್ಷತೆಯನ್ನು ಗ್ರಾಮೀಣಾಭಿವೃದ್ಧಿ ಮತ್ತು ಪಂಚಾಯತ್ ರಾಜ್ ಹಾಗೂ ಕಲಬುರಗಿ ಜಿಲ್ಲಾ ಉಸ್ತುವಾರಿ ಸಚಿವರಾದ ಪ್ರಿಯಾಂಕ್ ಎಂ. ಖರ್ಗೆ ಅವರು ವಹಿಸಲಿದ್ದಾರೆ. ಜಿಲ್ಲಾ ಪಂಚಾಯತ್ ಮುಖ್ಯ ಕಾರ್ಯನಿರ್ವಾಹಕ ಅಧಿಕಾರಿ ಭಂವರ್ ಸಿಂಗ್ ಮೀನಾ ಸಹ ಭಾಗವಹಿಸಲಿದ್ದಾರೆ.
ಪಾಟೀಲ್, ಕೋಟನೂರ ಹಾಗೂ ಗ್ರಾಮ ಪಂಚಾಯತ್ ಅಧ್ಯಕ್ಷರು, ಉಪಾಧ್ಯಕ್ಷರು ಹಾಗೂ ಸದಸ್ಯರು ಭಾಗವಹಿಸಲಿದ್ದಾರೆ. ಕಾರ್ಯಕ್ರಮದಲ್ಲಿ ಶಾಸಕರಾದ ಬಿ.ಆರ್. ಪಾಟೀಲ, ಕಲಬುರ್ಗಿ ಉತ್ತರ ಶಾಸಕಿ ಕನೀಜ್ ಫಾತಿಮಾ, ಜಿಲ್ಲಾ ಪಂಚಾಯತ್ ಉಪಾಧ್ಯಕ್ಷರು ಸೇರಿದಂತೆ ಕಾರ್ಯಕ್ರಮದ ಶರಣಪ್ರಕಾಶ
ಜಿಲ್ಲಾ ಪಂಚಾಯತ್ ಸಿಇಒ ಭಂವರ್ ಸಿಂಗ್ ಮೀನಾ, ಜಿಲ್ಲಾ ತೋಟಗಾರಿಕೆ ಜಂಟಿ ನಿರ್ದೇಶಕರಾದ ಸಂತೋಷ್ ಇನಾಮದಾರ್, ಜಿಲ್ಲಾ ಪೊಲೀಸ್ ವರಿಷ್ಠಾಧಿಕಾರಿ ಅಡ್ಡೂರು ಶ್ರೀನಿವಾಸಲು ಸೇರಿದಂತೆ ಜಿಲ್ಲಾ ಮತ್ತು ತಾಲೂಕು ಮಟ್ಟದ ಅಧಿಕಾರಿಗಳು, ವಿಶೇಷ ಆಹ್ವಾನಿತರು ಭಾಗವಹಿಸಲಿದ್ದಾರೆ. ಈ ಕುರಿತು ಮಾಹಿತಿ ನೀಡಿದ ಹಿರಿಯ ಸಹಾಯಕ ನಿರ್ದೇಶಕ ರಾಜಕುಮಾರ್ ಗೋವಿನ್ ಅವರು, "ಕೃಷಿಯಲ್ಲಿ ತರಕಾರಿ ಉತ್ಪಾದನೆಯನ್ನು ಉತ್ತೇಜಿಸಲು ಹಾಗೂ ರೈತರ ಆದಾಯ ಹೆಚ್ಚಿಸುವ ಉದ್ದೇಶದಿಂದ ರೈತರಿಗೆ ಬೀಜಗಳ ಕಿಟ್ ವಿತರಣಾ ಕಾರ್ಯಕ್ರಮ ಹಮ್ಮಿಕೊಳ್ಳಲಾಗಿದೆ. ತಾಲೂಕಿನ ರೈತರು, ಸಾರ್ವಜನಿಕರು ಹಾಗೂ ಎಲ್ಲಾ ಜನಪ್ರತಿನಿಧಿಗಳು ಆಗಮಿಸಿ ಕಾರ್ಯಕ್ರಮವನ್ನು ಯಶಸ್ವಿಗೊಳಿಸಬೇಕು" ಎಂದು ವಿನಂತಿಸಿದ್ದಾರೆ.
